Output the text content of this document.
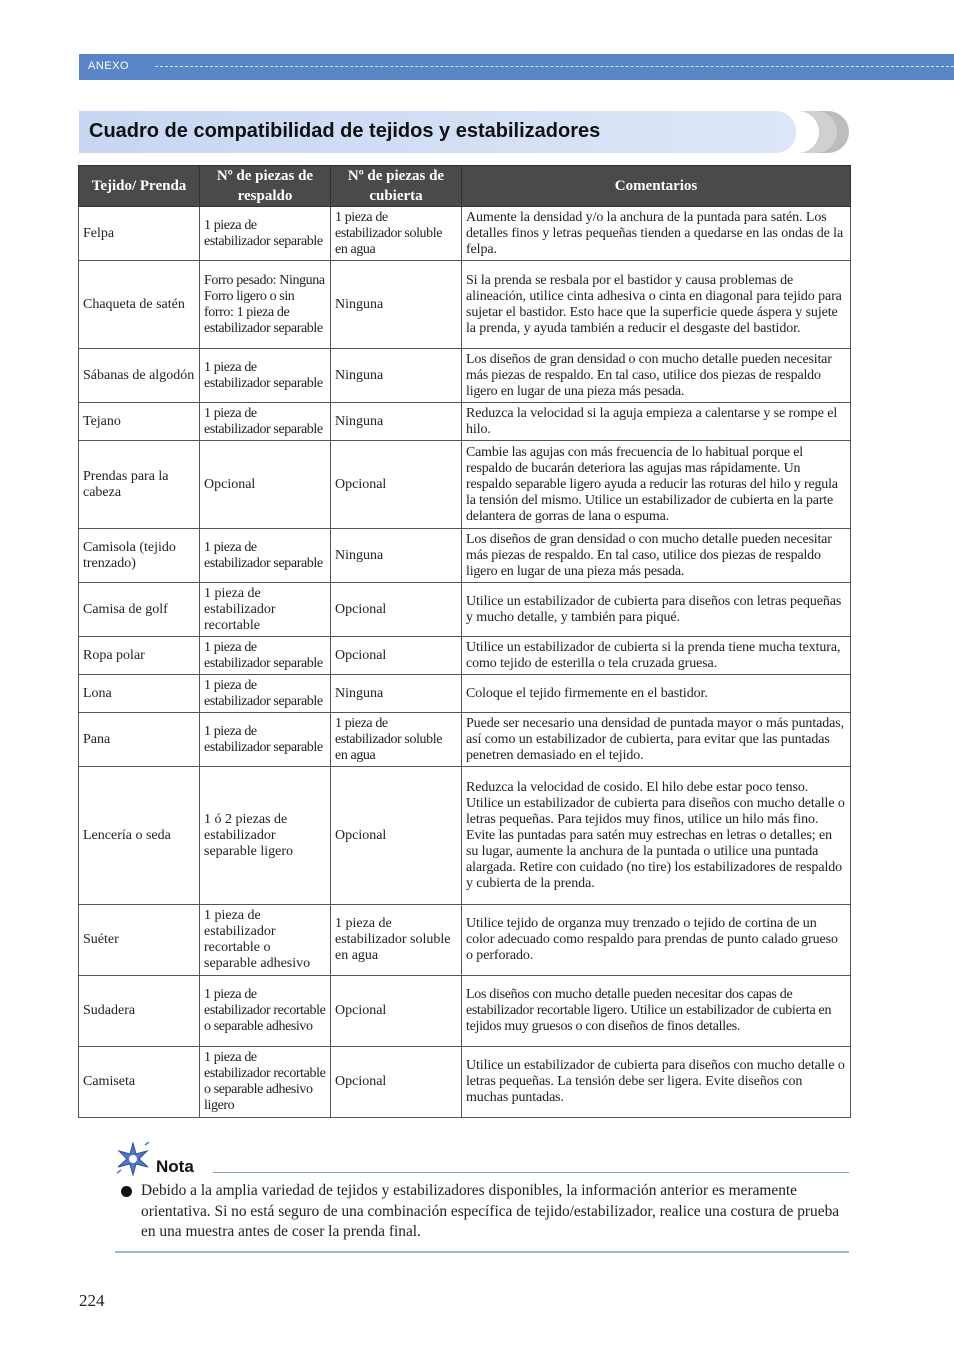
ANEXO
Cuadro de compatibilidad de tejidos y estabilizadores
Tejido/ Prenda	Nº de piezas de respaldo	Nº de piezas de cubierta	Comentarios
Felpa	1 pieza de estabilizador separable	1 pieza de estabilizador soluble en agua	Aumente la densidad y/o la anchura de la puntada para satén. Los detalles finos y letras pequeñas tienden a quedarse en las ondas de la felpa.
Chaqueta de satén	Forro pesado: Ninguna Forro ligero o sin forro: 1 pieza de estabilizador separable	Ninguna	Si la prenda se resbala por el bastidor y causa problemas de alineación, utilice cinta adhesiva o cinta en diagonal para tejido para sujetar el bastidor. Esto hace que la superficie quede áspera y sujete la prenda, y ayuda también a reducir el desgaste del bastidor.
Sábanas de algodón	1 pieza de estabilizador separable	Ninguna	Los diseños de gran densidad o con mucho detalle pueden necesitar más piezas de respaldo. En tal caso, utilice dos piezas de respaldo ligero en lugar de una pieza más pesada.
Tejano	1 pieza de estabilizador separable	Ninguna	Reduzca la velocidad si la aguja empieza a calentarse y se rompe el hilo.
Prendas para la cabeza	Opcional	Opcional	Cambie las agujas con más frecuencia de lo habitual porque el respaldo de bucarán deteriora las agujas mas rápidamente. Un respaldo separable ligero ayuda a reducir las roturas del hilo y regula la tensión del mismo. Utilice un estabilizador de cubierta en la parte delantera de gorras de lana o espuma.
Camisola (tejido trenzado)	1 pieza de estabilizador separable	Ninguna	Los diseños de gran densidad o con mucho detalle pueden necesitar más piezas de respaldo. En tal caso, utilice dos piezas de respaldo ligero en lugar de una pieza más pesada.
Camisa de golf	1 pieza de estabilizador recortable	Opcional	Utilice un estabilizador de cubierta para diseños con letras pequeñas y mucho detalle, y también para piqué.
Ropa polar	1 pieza de estabilizador separable	Opcional	Utilice un estabilizador de cubierta si la prenda tiene mucha textura, como tejido de esterilla o tela cruzada gruesa.
Lona	1 pieza de estabilizador separable	Ninguna	Coloque el tejido firmemente en el bastidor.
Pana	1 pieza de estabilizador separable	1 pieza de estabilizador soluble en agua	Puede ser necesario una densidad de puntada mayor o más puntadas, así como un estabilizador de cubierta, para evitar que las puntadas penetren demasiado en el tejido.
Lencería o seda	1 ó 2 piezas de estabilizador separable ligero	Opcional	Reduzca la velocidad de cosido. El hilo debe estar poco tenso. Utilice un estabilizador de cubierta para diseños con mucho detalle o letras pequeñas. Para tejidos muy finos, utilice un hilo más fino. Evite las puntadas para satén muy estrechas en letras o detalles; en su lugar, aumente la anchura de la puntada o utilice una puntada alargada. Retire con cuidado (no tire) los estabilizadores de respaldo y cubierta de la prenda.
Suéter	1 pieza de estabilizador recortable o separable adhesivo	1 pieza de estabilizador soluble en agua	Utilice tejido de organza muy trenzado o tejido de cortina de un color adecuado como respaldo para prendas de punto calado grueso o perforado.
Sudadera	1 pieza de estabilizador recortable o separable adhesivo	Opcional	Los diseños con mucho detalle pueden necesitar dos capas de estabilizador recortable ligero. Utilice un estabilizador de cubierta en tejidos muy gruesos o con diseños de finos detalles.
Camiseta	1 pieza de estabilizador recortable o separable adhesivo ligero	Opcional	Utilice un estabilizador de cubierta para diseños con mucho detalle o letras pequeñas. La tensión debe ser ligera. Evite diseños con muchas puntadas.
Nota
Debido a la amplia variedad de tejidos y estabilizadores disponibles, la información anterior es meramente orientativa. Si no está seguro de una combinación específica de tejido/estabilizador, realice una costura de prueba en una muestra antes de coser la prenda final.
224
